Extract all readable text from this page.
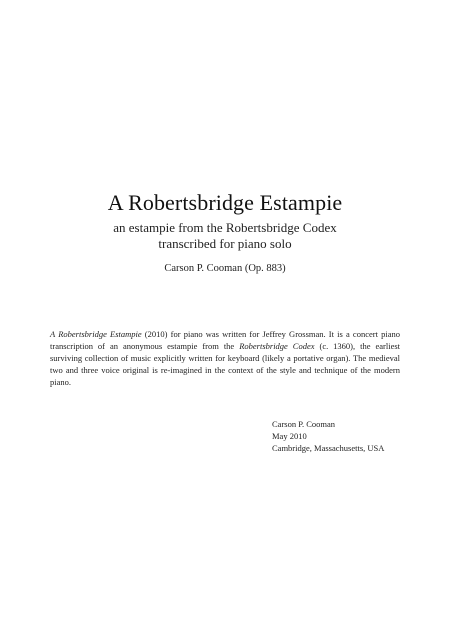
A Robertsbridge Estampie
an estampie from the Robertsbridge Codex
transcribed for piano solo
Carson P. Cooman (Op. 883)
A Robertsbridge Estampie (2010) for piano was written for Jeffrey Grossman. It is a concert piano transcription of an anonymous estampie from the Robertsbridge Codex (c. 1360), the earliest surviving collection of music explicitly written for keyboard (likely a portative organ). The medieval two and three voice original is re-imagined in the context of the style and technique of the modern piano.
Carson P. Cooman
May 2010
Cambridge, Massachusetts, USA
